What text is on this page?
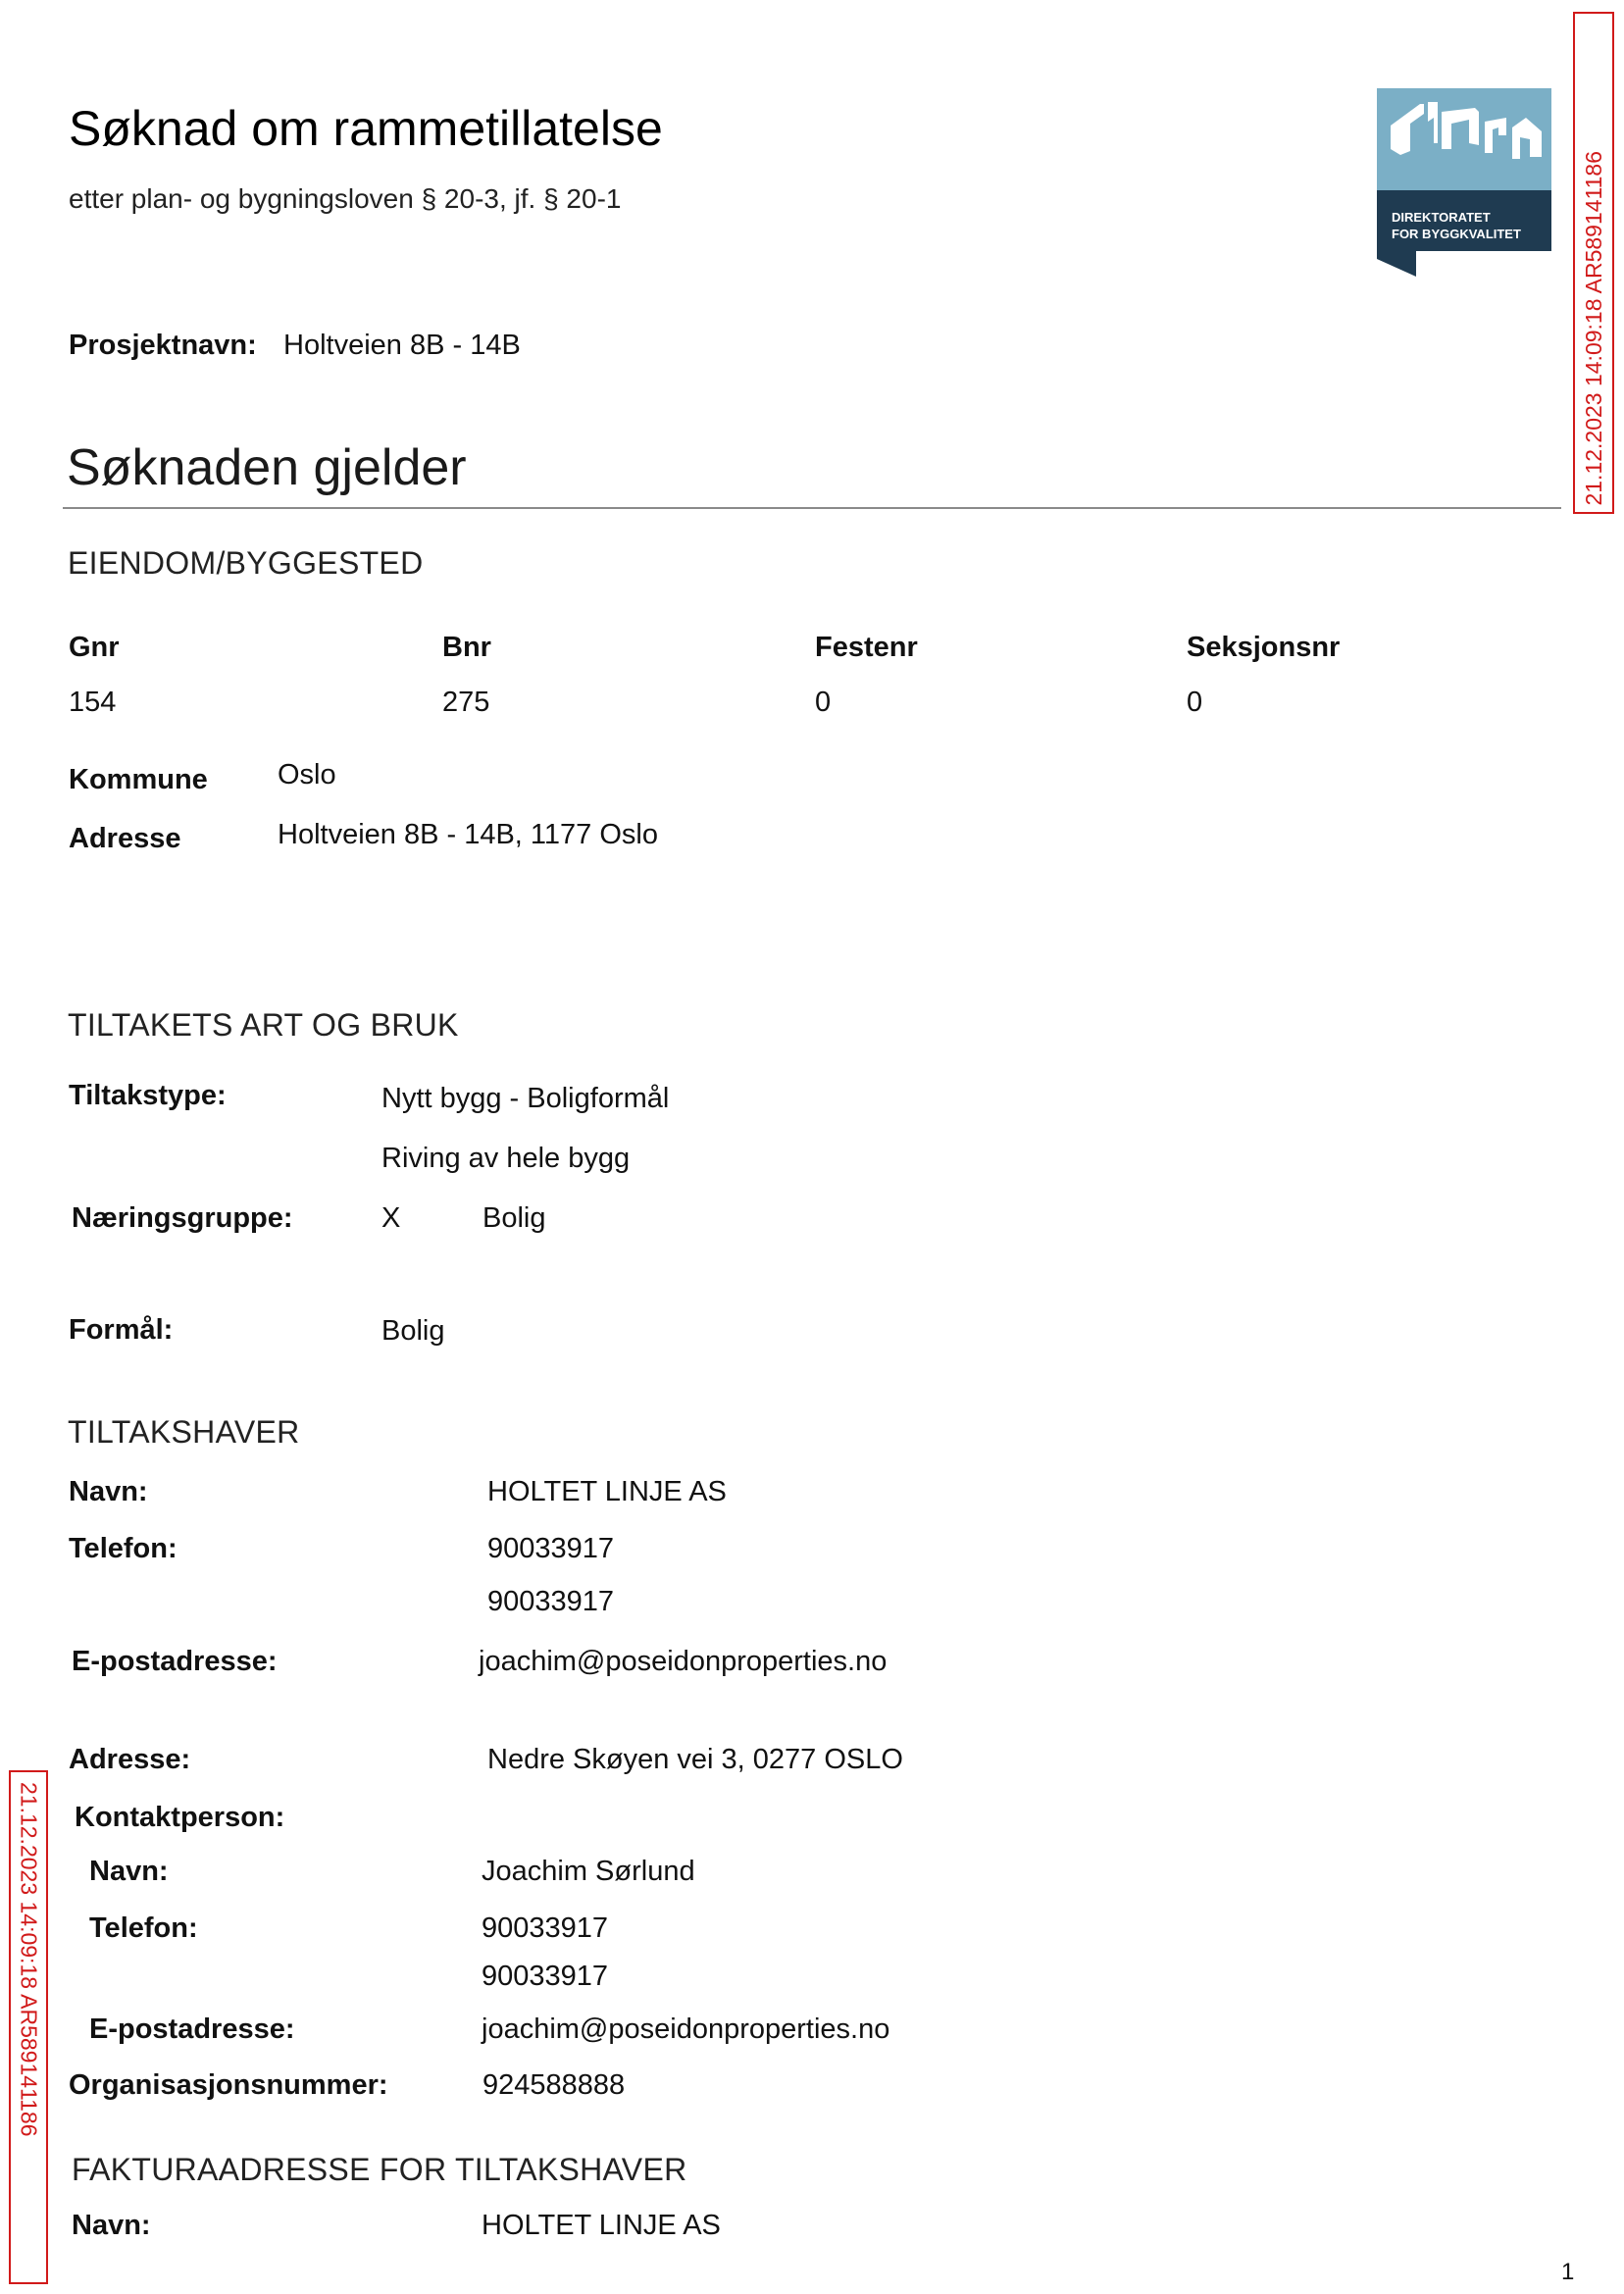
Søknad om rammetillatelse
etter plan- og bygningsloven § 20-3, jf. § 20-1
DIREKTORATET
FOR BYGGKVALITET	21.12.2023 14:09:18 AR589141186
21.12.2023 14:09:18 AR589141186
Prosjektnavn: Holtveien 8B - 14B
Søknaden gjelder
EIENDOM/BYGGESTED
Gnr	Bnr	Festenr	Seksjonsnr
154	275	0	0
Kommune Oslo
Adresse	Holtveien 8B - 14B, 1177 Oslo
TILTAKETS ART OG BRUK
Tiltakstype:	Nytt bygg - Boligformål
Riving av hele bygg
Næringsgruppe:	X	Bolig
Formål:	Bolig
TILTAKSHAVER
Navn:	HOLTET LINJE AS
Telefon:	90033917
90033917
E-postadresse:	joachim@poseidonproperties.no
Adresse:	Nedre Skøyen vei 3, 0277 OSLO
Kontaktperson:
Navn:	Joachim Sørlund
Telefon:	90033917
90033917
E-postadresse:	joachim@poseidonproperties.no
Organisasjonsnummer:	924588888
FAKTURAADRESSE FOR TILTAKSHAVER
Navn:	HOLTET LINJE AS
1
